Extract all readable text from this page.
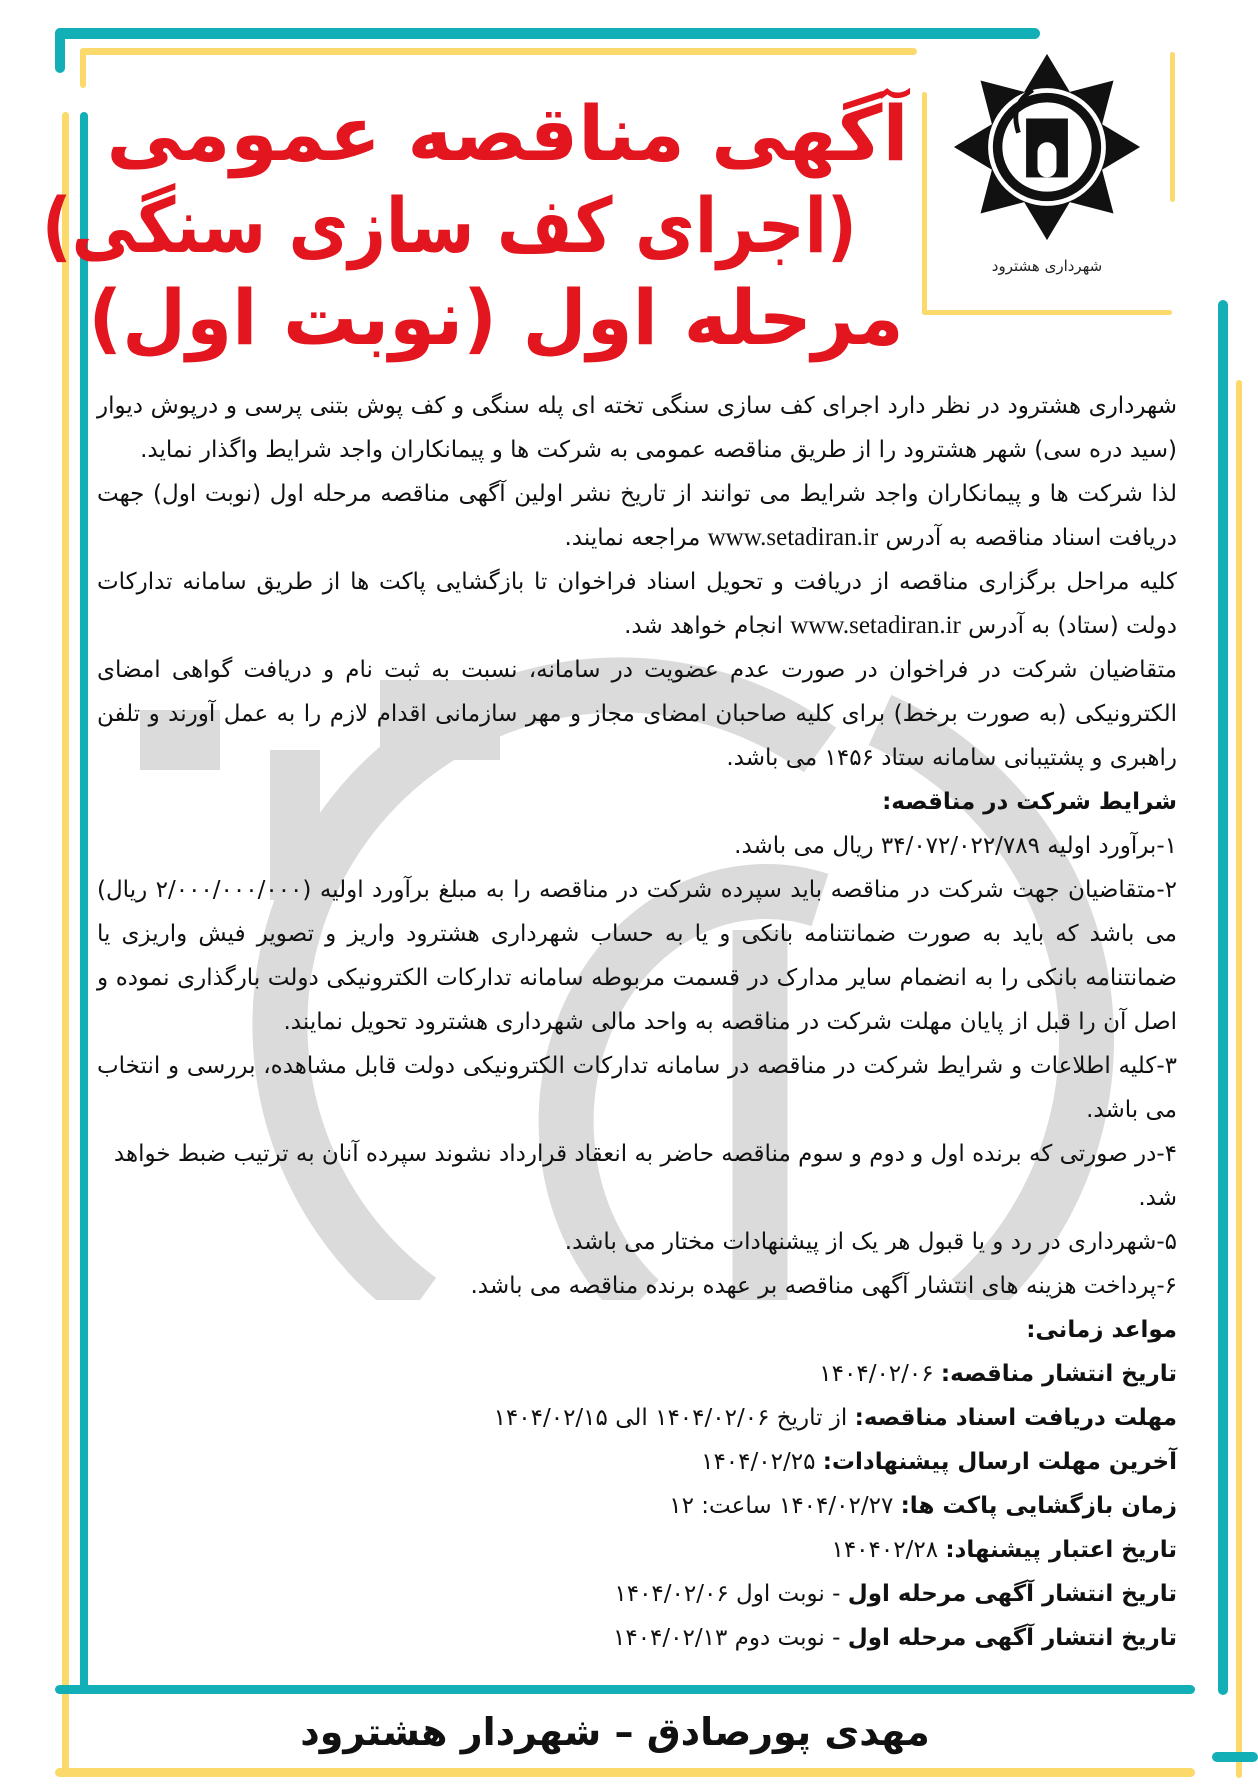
شهرداری هشترود
آگهی مناقصه عمومی
(اجرای کف سازی سنگی)
مرحله اول (نوبت اول)

شهرداری هشترود در نظر دارد اجرای کف سازی سنگی تخته ای پله سنگی و کف پوش بتنی پرسی و درپوش دیوار (سید دره سی) شهر هشترود را از طریق مناقصه عمومی به شرکت ها و پیمانکاران واجد شرایط واگذار نماید.

لذا شرکت ها و پیمانکاران واجد شرایط می توانند از تاریخ نشر اولین آگهی مناقصه مرحله اول (نوبت اول) جهت دریافت اسناد مناقصه به آدرس www.setadiran.ir مراجعه نمایند.

کلیه مراحل برگزاری مناقصه از دریافت و تحویل اسناد فراخوان تا بازگشایی پاکت ها از طریق سامانه تدارکات دولت (ستاد) به آدرس www.setadiran.ir انجام خواهد شد.

متقاضیان شرکت در فراخوان در صورت عدم عضویت در سامانه، نسبت به ثبت نام و دریافت گواهی امضای الکترونیکی (به صورت برخط) برای کلیه صاحبان امضای مجاز و مهر سازمانی اقدام لازم را به عمل آورند و تلفن راهبری و پشتیبانی سامانه ستاد ۱۴۵۶ می باشد.

شرایط شرکت در مناقصه:

۱-برآورد اولیه ۳۴/۰۷۲/۰۲۲/۷۸۹ ریال می باشد.

۲-متقاضیان جهت شرکت در مناقصه باید سپرده شرکت در مناقصه را به مبلغ برآورد اولیه (۲/۰۰۰/۰۰۰/۰۰۰ ریال) می باشد که باید به صورت ضمانتنامه بانکی و یا به حساب شهرداری هشترود واریز و تصویر فیش واریزی یا ضمانتنامه بانکی را به انضمام سایر مدارک در قسمت مربوطه سامانه تدارکات الکترونیکی دولت بارگذاری نموده و اصل آن را قبل از پایان مهلت شرکت در مناقصه به واحد مالی شهرداری هشترود تحویل نمایند.

۳-کلیه اطلاعات و شرایط شرکت در مناقصه در سامانه تدارکات الکترونیکی دولت قابل مشاهده، بررسی و انتخاب می باشد.

۴-در صورتی که برنده اول و دوم و سوم مناقصه حاضر به انعقاد قرارداد نشوند سپرده آنان به ترتیب ضبط خواهد شد.

۵-شهرداری در رد و یا قبول هر یک از پیشنهادات مختار می باشد.

۶-پرداخت هزینه های انتشار آگهی مناقصه بر عهده برنده مناقصه می باشد.

مواعد زمانی:

تاریخ انتشار مناقصه: ۱۴۰۴/۰۲/۰۶

مهلت دریافت اسناد مناقصه: از تاریخ ۱۴۰۴/۰۲/۰۶ الی ۱۴۰۴/۰۲/۱۵

آخرین مهلت ارسال پیشنهادات: ۱۴۰۴/۰۲/۲۵

زمان بازگشایی پاکت ها: ۱۴۰۴/۰۲/۲۷ ساعت: ۱۲

تاریخ اعتبار پیشنهاد: ۱۴۰۴۰۲/۲۸

تاریخ انتشار آگهی مرحله اول - نوبت اول ۱۴۰۴/۰۲/۰۶

تاریخ انتشار آگهی مرحله اول - نوبت دوم ۱۴۰۴/۰۲/۱۳

مهدی پورصادق – شهردار هشترود
